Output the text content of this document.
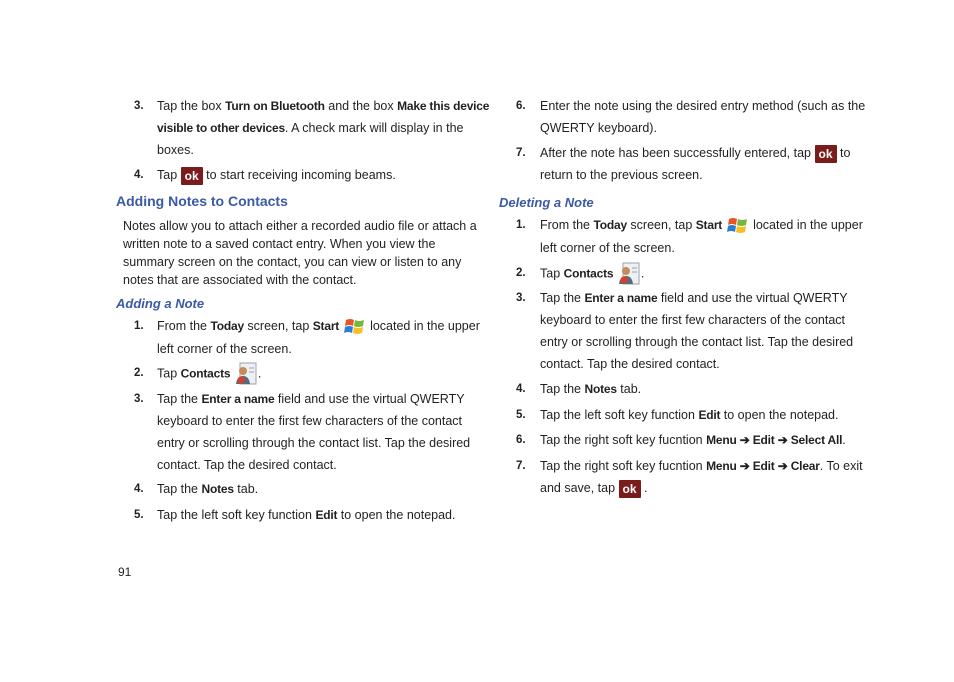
3. Tap the box Turn on Bluetooth and the box Make this device
visible to other devices. A check mark will display in the
boxes.
4. Tap ok to start receiving incoming beams.
Adding Notes to Contacts
Notes allow you to attach either a recorded audio file or attach a
written note to a saved contact entry. When you view the
summary screen on the contact, you can view or listen to any
notes that are associated with the contact.
Adding a Note
1. From the Today screen, tap Start located in the upper
left corner of the screen.
2. Tap Contacts .
3. Tap the Enter a name field and use the virtual QWERTY
keyboard to enter the first few characters of the contact
entry or scrolling through the contact list. Tap the desired
contact. Tap the desired contact.
4. Tap the Notes tab.
5. Tap the left soft key function Edit to open the notepad.
6. Enter the note using the desired entry method (such as the
QWERTY keyboard).
7. After the note has been successfully entered, tap ok to
return to the previous screen.
Deleting a Note
1. From the Today screen, tap Start located in the upper
left corner of the screen.
2. Tap Contacts .
3. Tap the Enter a name field and use the virtual QWERTY
keyboard to enter the first few characters of the contact
entry or scrolling through the contact list. Tap the desired
contact. Tap the desired contact.
4. Tap the Notes tab.
5. Tap the left soft key function Edit to open the notepad.
6. Tap the right soft key fucntion Menu ➔ Edit ➔ Select All.
7. Tap the right soft key fucntion Menu ➔ Edit ➔ Clear. To exit
and save, tap ok .
91
